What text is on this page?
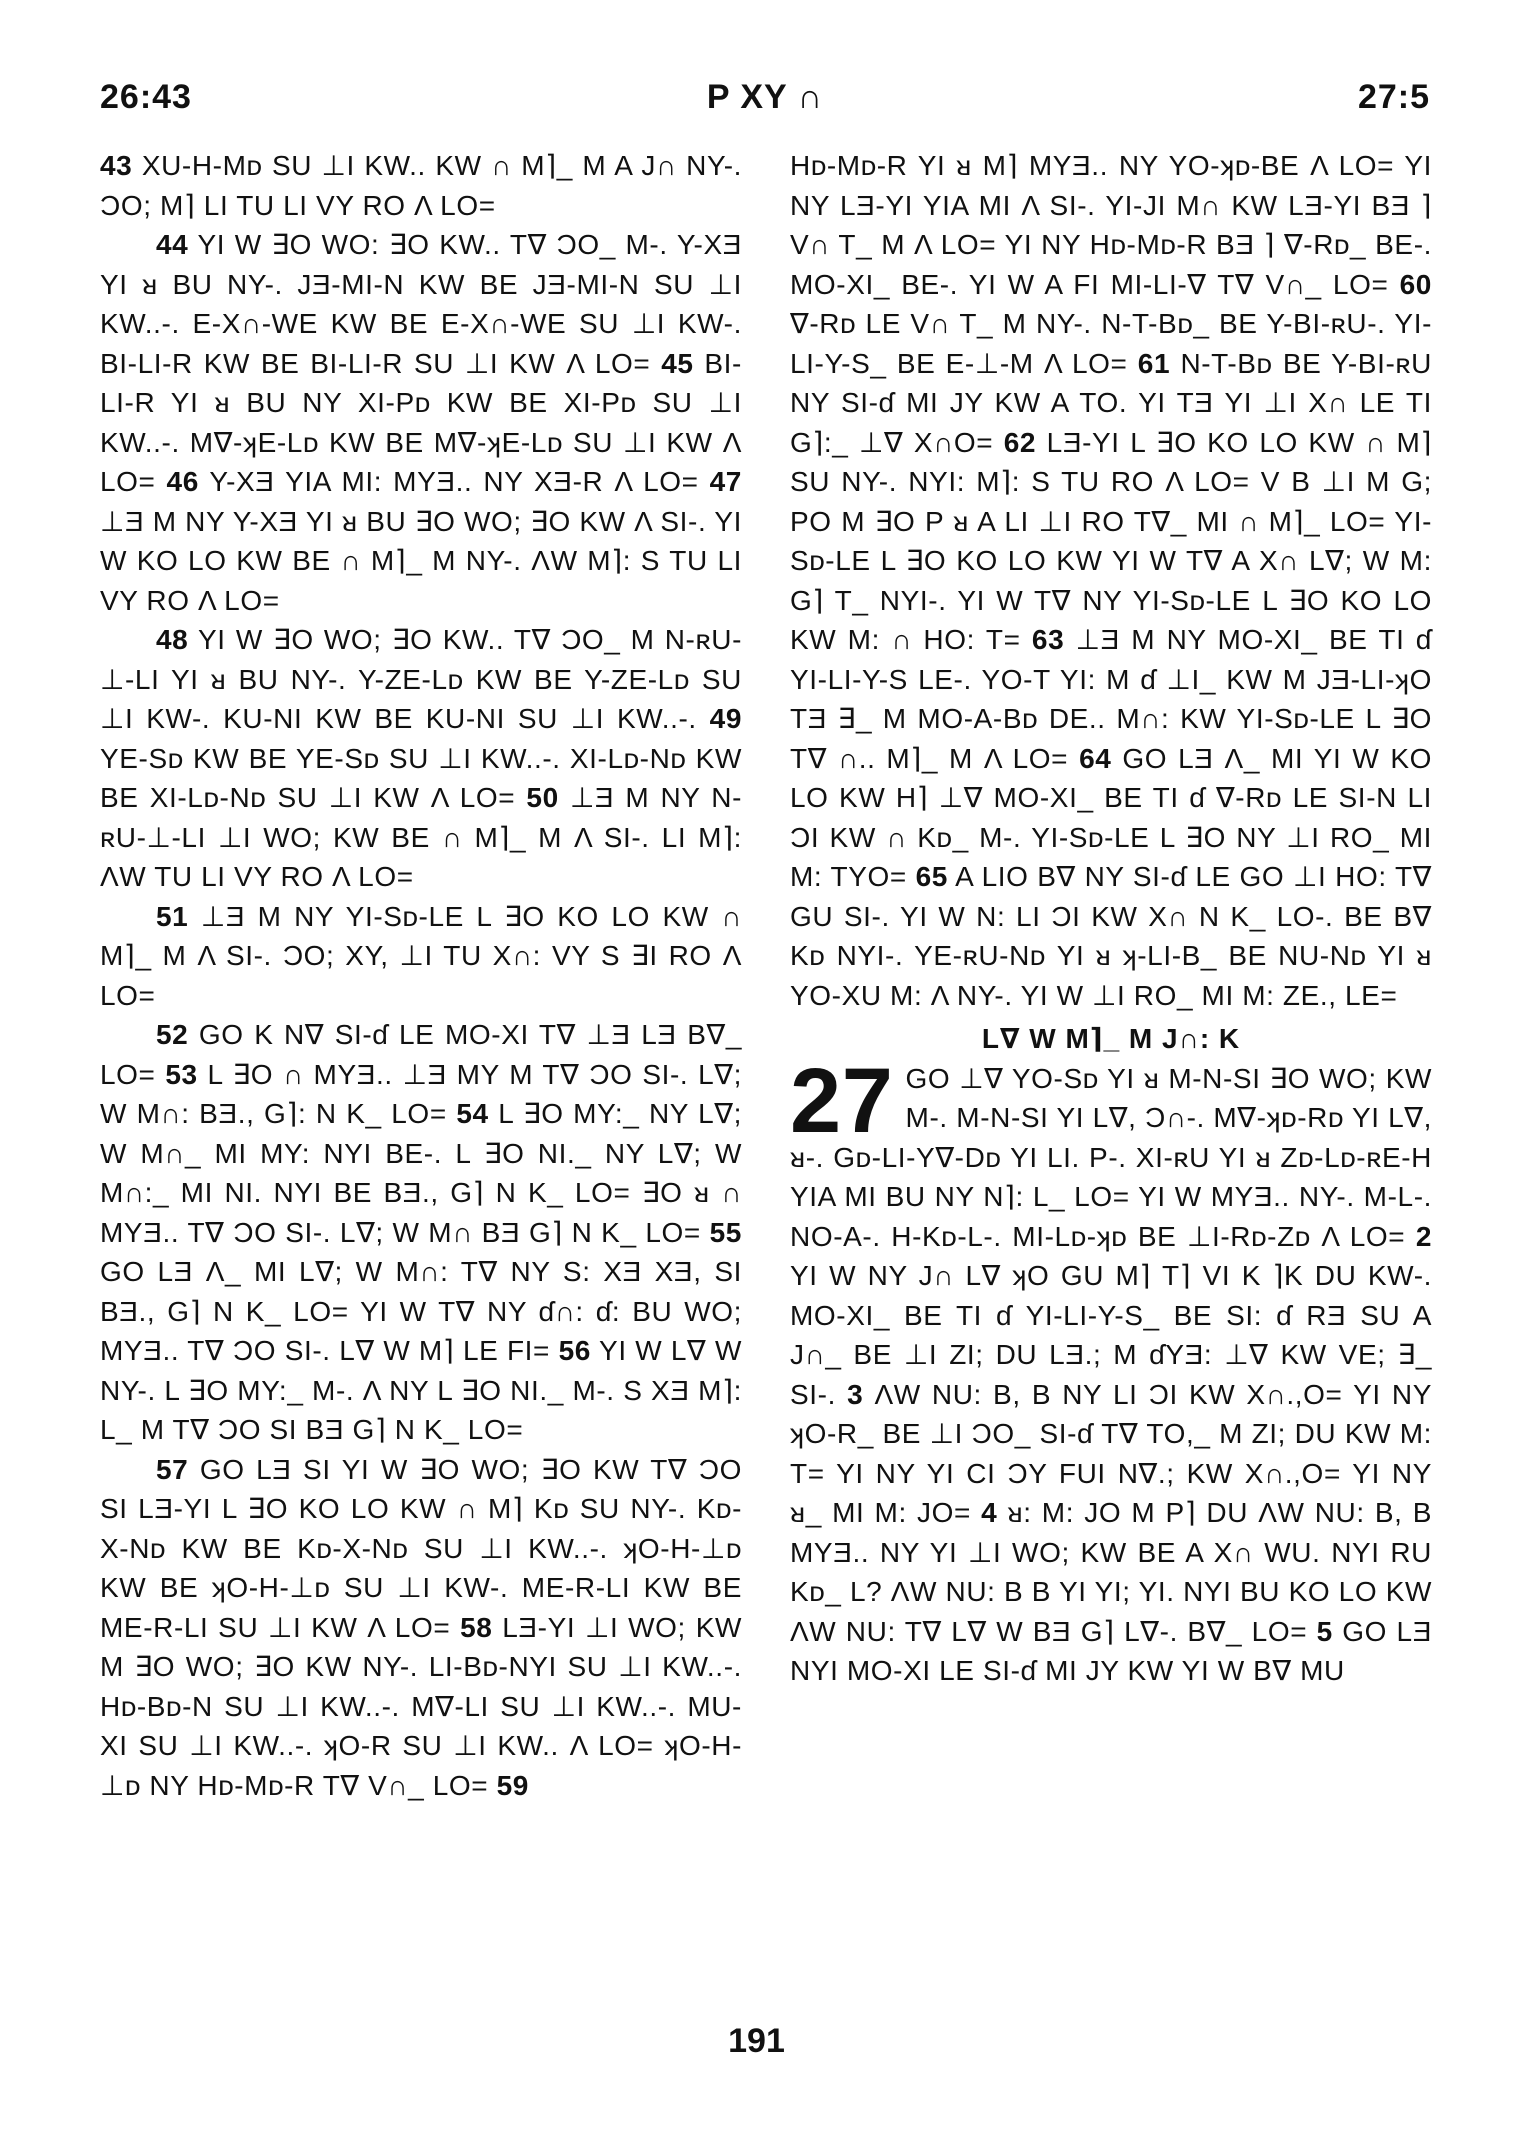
26:43	P XY ∩	27:5

43 XU-H-Mᴅ SU ⊥I KW.. KW ∩ M⌉_ M A J∩ NY-. ƆO; M⌉ LI TU LI VY RO Λ LO=

44 YI W ∃O WO: ∃O KW.. T∇ ƆO_ M-. Y-XƎ YI ᴚ BU NY-. JƎ-MI-N KW BE JƎ-MI-N SU ⊥I KW..-. E-X∩-WE KW BE E-X∩-WE SU ⊥I KW-. BI-LI-R KW BE BI-LI-R SU ⊥I KW Λ LO= 45 BI-LI-R YI ᴚ BU NY XI-Pᴅ KW BE XI-Pᴅ SU ⊥I KW..-. M∇-ʞE-Lᴅ KW BE M∇-ʞE-Lᴅ SU ⊥I KW Λ LO= 46 Y-XƎ YIA MI: MYƎ.. NY XƎ-R Λ LO= 47 ⊥Ǝ M NY Y-XƎ YI ᴚ BU ∃O WO; ∃O KW Λ SI-. YI W KO LO KW BE ∩ M⌉_ M NY-. ΛW M⌉: S TU LI VY RO Λ LO=

48 YI W ∃O WO; ∃O KW.. T∇ ƆO_ M N-ʀU-⊥-LI YI ᴚ BU NY-. Y-ZE-Lᴅ KW BE Y-ZE-Lᴅ SU ⊥I KW-. KU-NI KW BE KU-NI SU ⊥I KW..-. 49 YE-Sᴅ KW BE YE-Sᴅ SU ⊥I KW..-. XI-Lᴅ-Nᴅ KW BE XI-Lᴅ-Nᴅ SU ⊥I KW Λ LO= 50 ⊥Ǝ M NY N-ʀU-⊥-LI ⊥I WO; KW BE ∩ M⌉_ M Λ SI-. LI M⌉: ΛW TU LI VY RO Λ LO=

51 ⊥Ǝ M NY YI-Sᴅ-LE L ∃O KO LO KW ∩ M⌉_ M Λ SI-. ƆO; XY, ⊥I TU X∩: VY S ∃I RO Λ LO=

52 GO K N∇ SI-ɗ LE MO-XI T∇ ⊥Ǝ LƎ B∇_ LO= 53 L ∃O ∩ MYƎ.. ⊥Ǝ MY M T∇ ƆO SI-. L∇; W M∩: BƎ., G⌉: N K_ LO= 54 L ∃O MY:_ NY L∇; W M∩_ MI MY: NYI BE-. L ∃O NI._ NY L∇; W M∩:_ MI NI. NYI BE BƎ., G⌉ N K_ LO= ∃O ᴚ ∩ MYƎ.. T∇ ƆO SI-. L∇; W M∩ BƎ G⌉ N K_ LO= 55 GO LƎ Λ_ MI L∇; W M∩: T∇ NY S: XƎ XƎ, SI BƎ., G⌉ N K_ LO= YI W T∇ NY ɗ∩: ɗ: BU WO; MYƎ.. T∇ ƆO SI-. L∇ W M⌉ LE FI= 56 YI W L∇ W NY-. L ∃O MY:_ M-. Λ NY L ∃O NI._ M-. S XƎ M⌉: L_ M T∇ ƆO SI BƎ G⌉ N K_ LO=

57 GO LƎ SI YI W ∃O WO; ∃O KW T∇ ƆO SI LƎ-YI L ∃O KO LO KW ∩ M⌉ Kᴅ SU NY-. Kᴅ-X-Nᴅ KW BE Kᴅ-X-Nᴅ SU ⊥I KW..-. ʞO-H-⊥ᴅ KW BE ʞO-H-⊥ᴅ SU ⊥I KW-. ME-R-LI KW BE ME-R-LI SU ⊥I KW Λ LO= 58 LƎ-YI ⊥I WO; KW M ∃O WO; ∃O KW NY-. LI-Bᴅ-NYI SU ⊥I KW..-. Hᴅ-Bᴅ-N SU ⊥I KW..-. M∇-LI SU ⊥I KW..-. MU-XI SU ⊥I KW..-. ʞO-R SU ⊥I KW.. Λ LO= ʞO-H-⊥ᴅ NY Hᴅ-Mᴅ-R T∇ V∩_ LO= 59

Hᴅ-Mᴅ-R YI ᴚ M⌉ MYƎ.. NY YO-ʞᴅ-BE Λ LO= YI NY LƎ-YI YIA MI Λ SI-. YI-JI M∩ KW LƎ-YI BƎ ⌉ V∩ T_ M Λ LO= YI NY Hᴅ-Mᴅ-R BƎ ⌉ ∇-Rᴅ_ BE-. MO-XI_ BE-. YI W A FI MI-LI-∇ T∇ V∩_ LO= 60 ∇-Rᴅ LE V∩ T_ M NY-. N-T-Bᴅ_ BE Y-BI-ʀU-. YI-LI-Y-S_ BE E-⊥-M Λ LO= 61 N-T-Bᴅ BE Y-BI-ʀU NY SI-ɗ MI JY KW A TO. YI TƎ YI ⊥I X∩ LE TI G⌉:_ ⊥∇ X∩O= 62 LƎ-YI L ∃O KO LO KW ∩ M⌉ SU NY-. NYI: M⌉: S TU RO Λ LO= V B ⊥I M G; PO M ∃O P ᴚ A LI ⊥I RO T∇_ MI ∩ M⌉_ LO= YI-Sᴅ-LE L ∃O KO LO KW YI W T∇ A X∩ L∇; W M: G⌉ T_ NYI-. YI W T∇ NY YI-Sᴅ-LE L ∃O KO LO KW M: ∩ HO: T= 63 ⊥Ǝ M NY MO-XI_ BE TI ɗ YI-LI-Y-S LE-. YO-T YI: M ɗ ⊥I_ KW M JƎ-LI-ʞO TƎ ∃_ M MO-A-Bᴅ DE.. M∩: KW YI-Sᴅ-LE L ∃O T∇ ∩.. M⌉_ M Λ LO= 64 GO LƎ Λ_ MI YI W KO LO KW H⌉ ⊥∇ MO-XI_ BE TI ɗ ∇-Rᴅ LE SI-N LI ƆI KW ∩ Kᴅ_ M-. YI-Sᴅ-LE L ∃O NY ⊥I RO_ MI M: TYO= 65 A LIO B∇ NY SI-ɗ LE GO ⊥I HO: T∇ GU SI-. YI W N: LI ƆI KW X∩ N K_ LO-. BE B∇ Kᴅ NYI-. YE-ʀU-Nᴅ YI ᴚ ʞ-LI-B_ BE NU-Nᴅ YI ᴚ YO-XU M: Λ NY-. YI W ⊥I RO_ MI M: ZE., LE=

L∇ W M⌉_ M J∩: K
27 GO ⊥∇ YO-Sᴅ YI ᴚ M-N-SI ∃O WO; KW M-. M-N-SI YI L∇, Ɔ∩-. M∇-ʞᴅ-Rᴅ YI L∇, ᴚ-. Gᴅ-LI-Y∇-Dᴅ YI LI. P-. XI-ʀU YI ᴚ Zᴅ-Lᴅ-ʀE-H YIA MI BU NY N⌉: L_ LO= YI W MYƎ.. NY-. M-L-. NO-A-. H-Kᴅ-L-. MI-Lᴅ-ʞᴅ BE ⊥I-Rᴅ-Zᴅ Λ LO= 2 YI W NY J∩ L∇ ʞO GU M⌉ T⌉ VI K ⌉K DU KW-. MO-XI_ BE TI ɗ YI-LI-Y-S_ BE SI: ɗ RƎ SU A J∩_ BE ⊥I ZI; DU LƎ.; M ɗYƎ: ⊥∇ KW VE; ∃_ SI-. 3 ΛW NU: B, B NY LI ƆI KW X∩.,O= YI NY ʞO-R_ BE ⊥I ƆO_ SI-ɗ T∇ TO,_ M ZI; DU KW M: T= YI NY YI CI ƆY FUI N∇.; KW X∩.,O= YI NY ᴚ_ MI M: JO= 4 ᴚ: M: JO M P⌉ DU ΛW NU: B, B MYƎ.. NY YI ⊥I WO; KW BE A X∩ WU. NYI RU Kᴅ_ L? ΛW NU: B B YI YI; YI. NYI BU KO LO KW ΛW NU: T∇ L∇ W BƎ G⌉ L∇-. B∇_ LO= 5 GO LƎ NYI MO-XI LE SI-ɗ MI JY KW YI W B∇ MU

191
